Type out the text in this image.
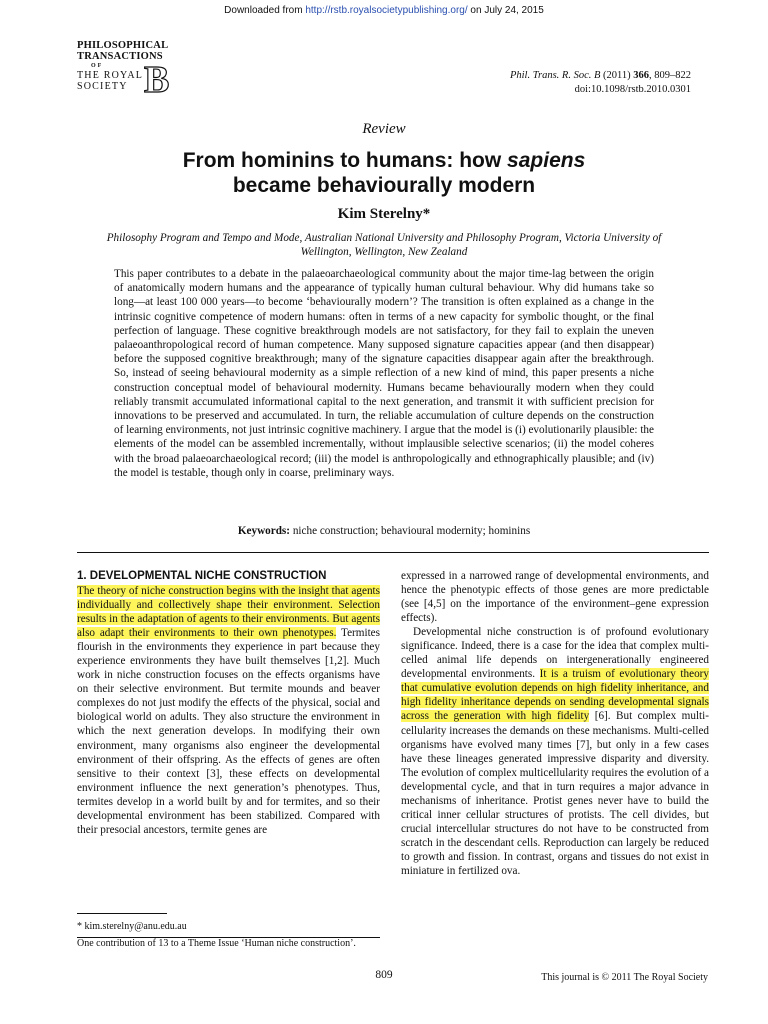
Downloaded from http://rstb.royalsocietypublishing.org/ on July 24, 2015
PHILOSOPHICAL
TRANSACTIONS
OF
THE ROYAL
SOCIETY B	Phil. Trans. R. Soc. B (2011) 366, 809–822
doi:10.1098/rstb.2010.0301
Review
From hominins to humans: how sapiens
became behaviourally modern
Kim Sterelny*
Philosophy Program and Tempo and Mode, Australian National University and Philosophy Program, Victoria University of Wellington, Wellington, New Zealand
This paper contributes to a debate in the palaeoarchaeological community about the major time-lag between the origin of anatomically modern humans and the appearance of typically human cultural behaviour. Why did humans take so long—at least 100 000 years—to become ‘behaviourally modern’? The transition is often explained as a change in the intrinsic cognitive competence of modern humans: often in terms of a new capacity for symbolic thought, or the final perfection of language. These cognitive breakthrough models are not satisfactory, for they fail to explain the uneven palaeoanthropological record of human competence. Many supposed signature capacities appear (and then disappear) before the supposed cognitive breakthrough; many of the signature capacities disappear again after the breakthrough. So, instead of seeing behavioural modernity as a simple reflection of a new kind of mind, this paper presents a niche construction conceptual model of behavioural modernity. Humans became behaviourally modern when they could reliably transmit accumulated informational capital to the next generation, and transmit it with sufficient precision for innovations to be preserved and accumulated. In turn, the reliable accumulation of culture depends on the construction of learning environments, not just intrinsic cognitive machinery. I argue that the model is (i) evolutionarily plausible: the elements of the model can be assembled incrementally, without implausible selective scenarios; (ii) the model coheres with the broad palaeoarchaeological record; (iii) the model is anthropologically and ethnographically plausible; and (iv) the model is testable, though only in coarse, preliminary ways.
Keywords: niche construction; behavioural modernity; hominins
1. DEVELOPMENTAL NICHE CONSTRUCTION

The theory of niche construction begins with the insight that agents individually and collectively shape their environment. Selection results in the adaptation of agents to their environments. But agents also adapt their environments to their own phenotypes. Termites flourish in the environments they experience in part because they experience environments they have built themselves [1,2]. Much work in niche construction focuses on the effects organisms have on their selective environment. But termite mounds and beaver complexes do not just modify the effects of the physical, social and biological world on adults. They also structure the environment in which the next generation develops. In modifying their own environment, many organisms also engineer the developmental environment of their offspring. As the effects of genes are often sensitive to their context [3], these effects on developmental environment influence the next generation’s phenotypes. Thus, termites develop in a world built by and for termites, and so their developmental environment has been stabilized. Compared with their presocial ancestors, termite genes are

expressed in a narrowed range of developmental environments, and hence the phenotypic effects of those genes are more predictable (see [4,5] on the importance of the environment–gene expression effects).

Developmental niche construction is of profound evolutionary significance. Indeed, there is a case for the idea that complex multi-celled animal life depends on intergenerationally engineered developmental environments. It is a truism of evolutionary theory that cumulative evolution depends on high fidelity inheritance, and high fidelity inheritance depends on sending developmental signals across the generation with high fidelity [6]. But complex multi-cellularity increases the demands on these mechanisms. Multi-celled organisms have evolved many times [7], but only in a few cases have these lineages generated impressive disparity and diversity. The evolution of complex multicellularity requires the evolution of a developmental cycle, and that in turn requires a major advance in mechanisms of inheritance. Protist genes never have to build the critical inner cellular structures of protists. The cell divides, but crucial intercellular structures do not have to be constructed from scratch in the descendant cells. Reproduction can largely be reduced to growth and fission. In contrast, organs and tissues do not exist in miniature in fertilized ova.

* kim.sterelny@anu.edu.au
One contribution of 13 to a Theme Issue ‘Human niche construction’.
809	This journal is © 2011 The Royal Society
